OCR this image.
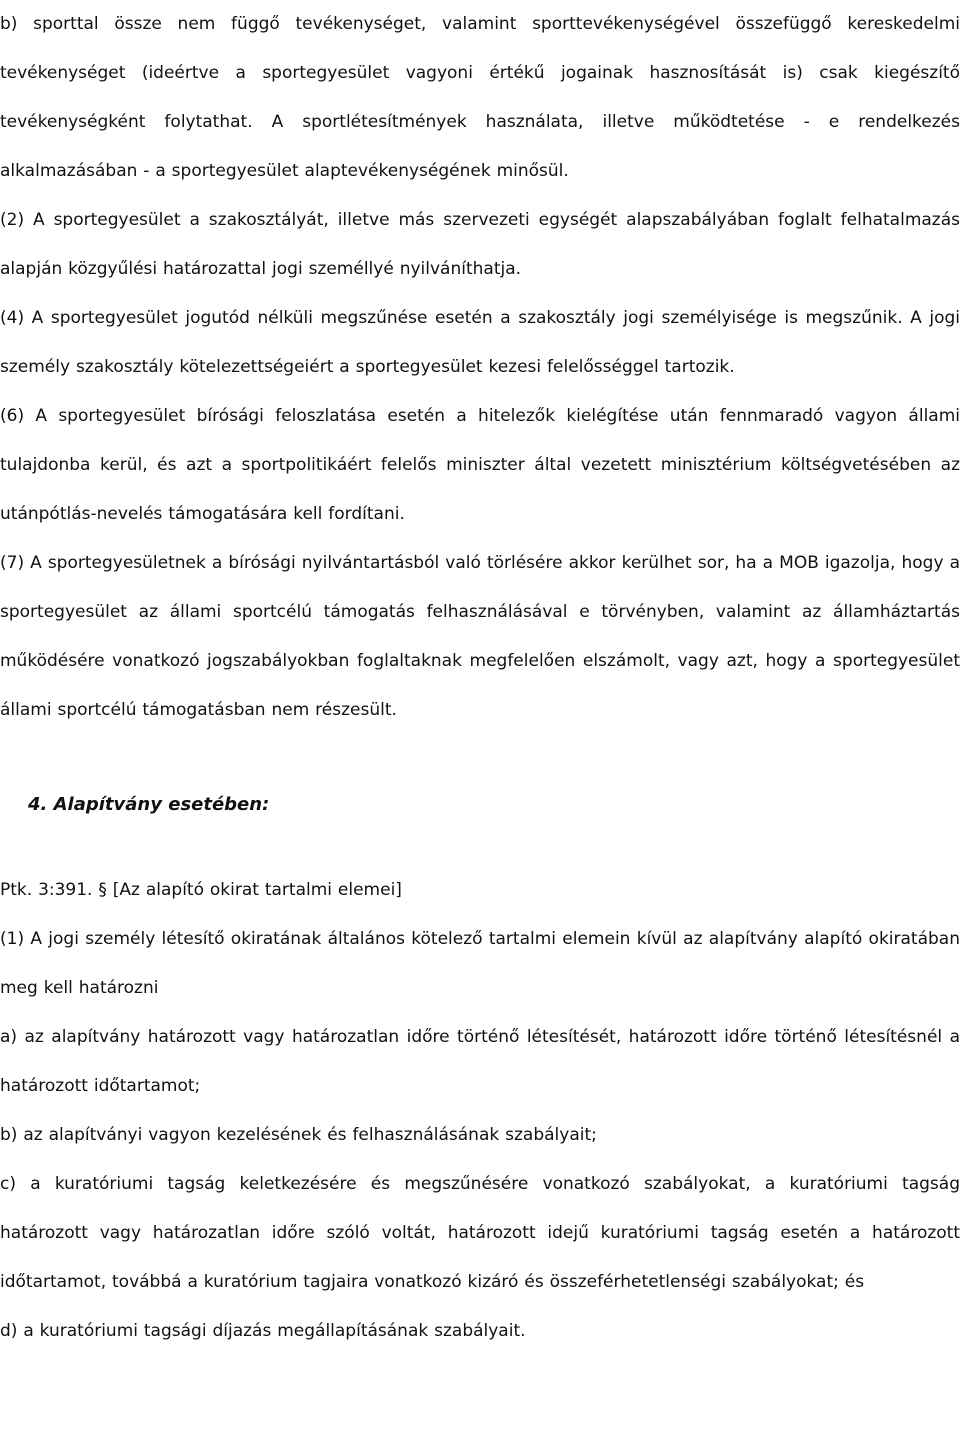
b) sporttal össze nem függő tevékenységet, valamint sporttevékenységével összefüggő kereskedelmi tevékenységet (ideértve a sportegyesület vagyoni értékű jogainak hasznosítását is) csak kiegészítő tevékenységként folytathat. A sportlétesítmények használata, illetve működtetése - e rendelkezés alkalmazásában - a sportegyesület alaptevékenységének minősül.

(2) A sportegyesület a szakosztályát, illetve más szervezeti egységét alapszabályában foglalt felhatalmazás alapján közgyűlési határozattal jogi személlyé nyilváníthatja.

(4) A sportegyesület jogutód nélküli megszűnése esetén a szakosztály jogi személyisége is megszűnik. A jogi személy szakosztály kötelezettségeiért a sportegyesület kezesi felelősséggel tartozik.

(6) A sportegyesület bírósági feloszlatása esetén a hitelezők kielégítése után fennmaradó vagyon állami tulajdonba kerül, és azt a sportpolitikáért felelős miniszter által vezetett minisztérium költségvetésében az utánpótlás-nevelés támogatására kell fordítani.

(7) A sportegyesületnek a bírósági nyilvántartásból való törlésére akkor kerülhet sor, ha a MOB igazolja, hogy a sportegyesület az állami sportcélú támogatás felhasználásával e törvényben, valamint az államháztartás működésére vonatkozó jogszabályokban foglaltaknak megfelelően elszámolt, vagy azt, hogy a sportegyesület állami sportcélú támogatásban nem részesült.

4. Alapítvány esetében:

Ptk. 3:391. § [Az alapító okirat tartalmi elemei]

(1) A jogi személy létesítő okiratának általános kötelező tartalmi elemein kívül az alapítvány alapító okiratában meg kell határozni

a) az alapítvány határozott vagy határozatlan időre történő létesítését, határozott időre történő létesítésnél a határozott időtartamot;

b) az alapítványi vagyon kezelésének és felhasználásának szabályait;

c) a kuratóriumi tagság keletkezésére és megszűnésére vonatkozó szabályokat, a kuratóriumi tagság határozott vagy határozatlan időre szóló voltát, határozott idejű kuratóriumi tagság esetén a határozott időtartamot, továbbá a kuratórium tagjaira vonatkozó kizáró és összeférhetetlenségi szabályokat; és

d) a kuratóriumi tagsági díjazás megállapításának szabályait.
